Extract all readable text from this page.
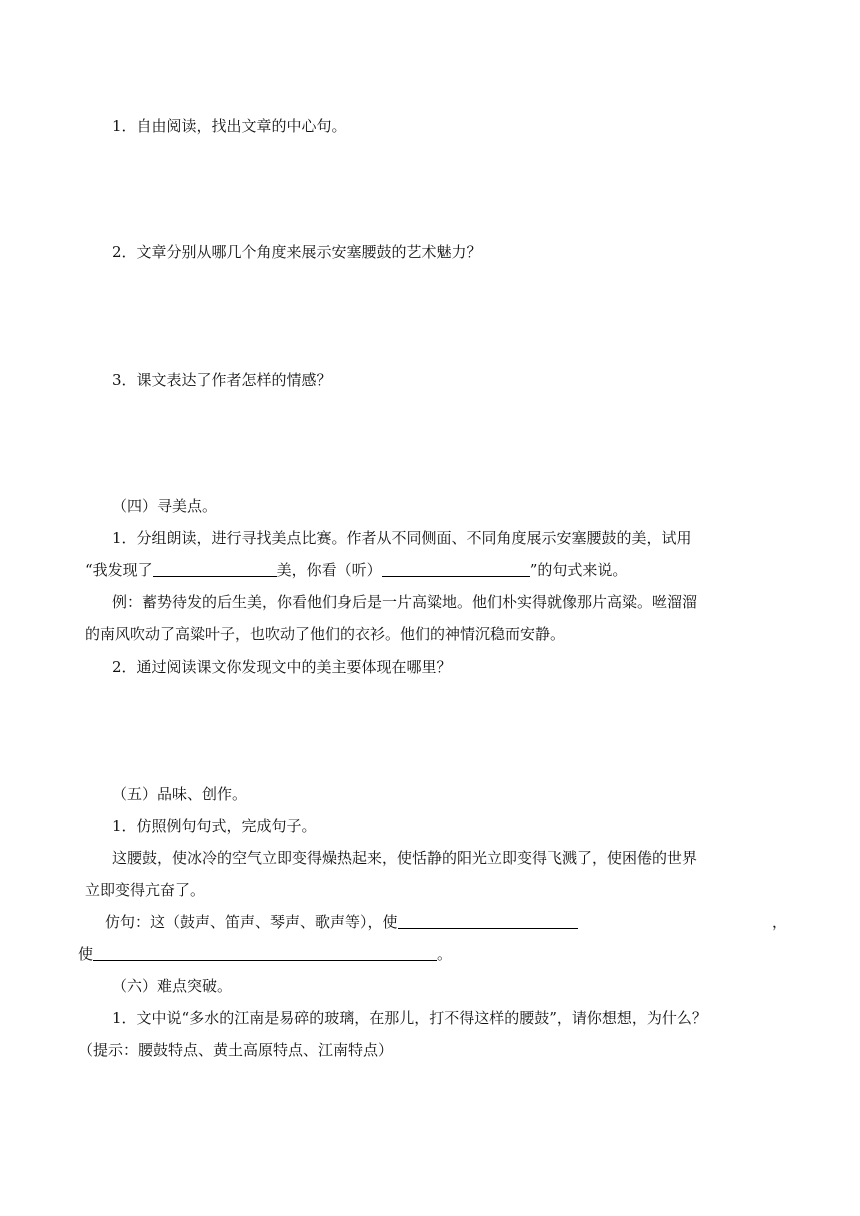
1．自由阅读，找出文章的中心句。
2．文章分别从哪几个角度来展示安塞腰鼓的艺术魅力？
3．课文表达了作者怎样的情感？
（四）寻美点。
1．分组朗读，进行寻找美点比赛。作者从不同侧面、不同角度展示安塞腰鼓的美，试用
“我发现了	美，你看（听）	”的句式来说。
例：蓄势待发的后生美，你看他们身后是一片高粱地。他们朴实得就像那片高粱。咝溜溜
的南风吹动了高粱叶子，也吹动了他们的衣衫。他们的神情沉稳而安静。
2．通过阅读课文你发现文中的美主要体现在哪里？
（五）品味、创作。
1．仿照例句句式，完成句子。
这腰鼓，使冰冷的空气立即变得燥热起来，使恬静的阳光立即变得飞溅了，使困倦的世界
立即变得亢奋了。
仿句：这（鼓声、笛声、琴声、歌声等），使	，
使	。
（六）难点突破。
1．文中说“多水的江南是易碎的玻璃，在那儿，打不得这样的腰鼓”，请你想想，为什么？
（提示：腰鼓特点、黄土高原特点、江南特点）
